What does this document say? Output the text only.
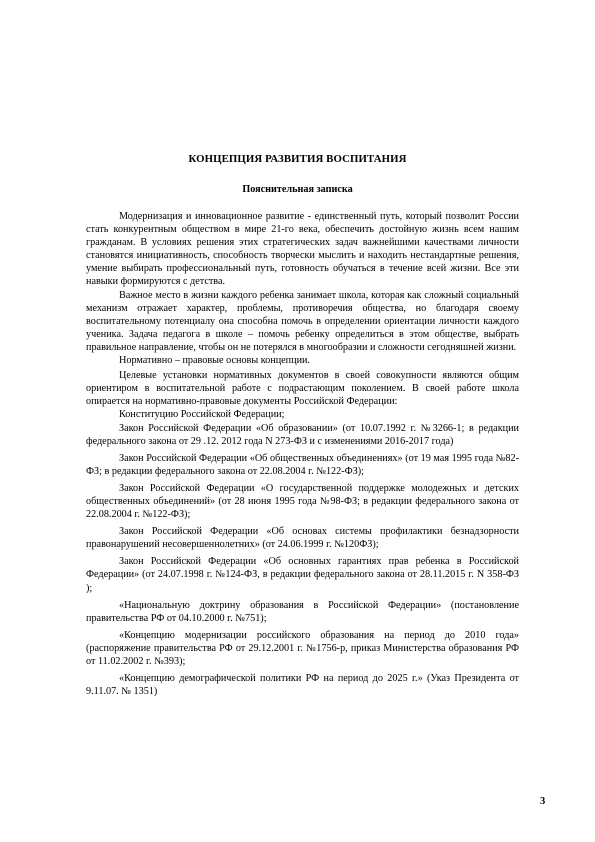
КОНЦЕПЦИЯ РАЗВИТИЯ ВОСПИТАНИЯ
Пояснительная записка

Модернизация и инновационное развитие - единственный путь, который позволит России стать конкурентным обществом в мире 21-го века, обеспечить достойную жизнь всем нашим гражданам. В условиях решения этих стратегических задач важнейшими качествами личности становятся инициативность, способность творчески мыслить и находить нестандартные решения, умение выбирать профессиональный путь, готовность обучаться в течение всей жизни. Все эти навыки формируются с детства.

Важное место в жизни каждого ребенка занимает школа, которая как сложный социальный механизм отражает характер, проблемы, противоречия общества, но благодаря своему воспитательному потенциалу она способна помочь в определении ориентации личности каждого ученика. Задача педагога в школе – помочь ребенку определиться в этом обществе, выбрать правильное направление, чтобы он не потерялся в многообразии и сложности сегодняшней жизни.

Нормативно – правовые основы концепции.

Целевые установки нормативных документов в своей совокупности являются общим ориентиром в воспитательной работе с подрастающим поколением. В своей работе школа опирается на нормативно-правовые документы Российской Федерации:

Конституцию Российской Федерации;

Закон Российской Федерации «Об образовании» (от 10.07.1992 г. №3266-1; в редакции федерального закона от 29 .12. 2012 года N 273-ФЗ и с изменениями 2016-2017 года)

Закон Российской Федерации «Об общественных объединениях» (от 19 мая 1995 года №82-ФЗ; в редакции федерального закона от 22.08.2004 г. №122-ФЗ);

Закон Российской Федерации «О государственной поддержке молодежных и детских общественных объединений» (от 28 июня 1995 года №98-ФЗ; в редакции федерального закона от 22.08.2004 г. №122-ФЗ);

Закон Российской Федерации «Об основах системы профилактики безнадзорности правонарушений несовершеннолетних» (от 24.06.1999 г. №120ФЗ);

Закон Российской Федерации «Об основных гарантиях прав ребенка в Российской Федерации» (от 24.07.1998 г. №124-ФЗ, в редакции федерального закона от 28.11.2015 г. N 358-ФЗ );

«Национальную доктрину образования в Российской Федерации» (постановление правительства РФ от 04.10.2000 г. №751);

«Концепцию модернизации российского образования на период до 2010 года» (распоряжение правительства РФ от 29.12.2001 г. №1756-р, приказ Министерства образования РФ от 11.02.2002 г. №393);

«Концепцию демографической политики РФ на период до 2025 г.» (Указ Президента от 9.11.07. № 1351)

3
